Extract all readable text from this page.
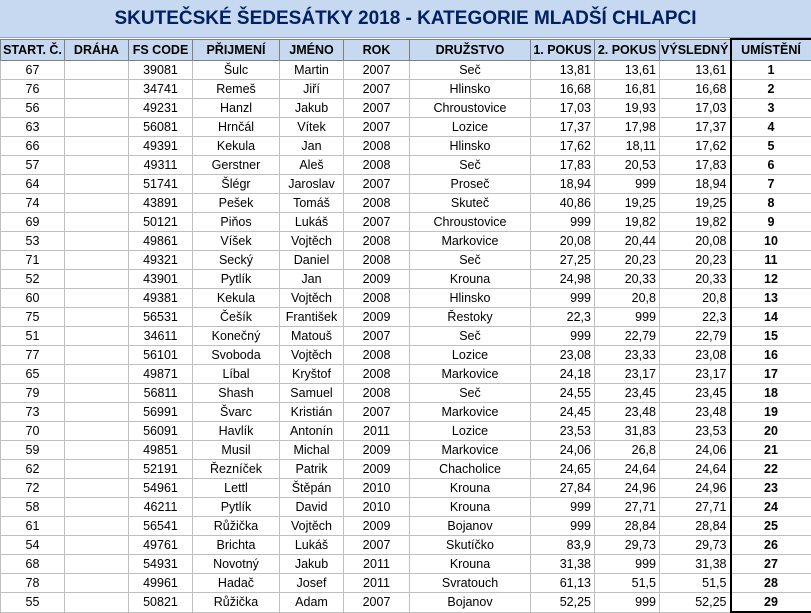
SKUTEČSKÉ ŠEDESÁTKY 2018 - KATEGORIE MLADŠÍ CHLAPCI
START. Č.	DRÁHA	FS CODE	PŘIJMENÍ	JMÉNO	ROK	DRUŽSTVO	1. POKUS	2. POKUS	VÝSLEDNÝ	UMÍSTĚNÍ
67		39081	Šulc	Martin	2007	Seč	13,81	13,61	13,61	1
76		34741	Remeš	Jiří	2007	Hlinsko	16,68	16,81	16,68	2
56		49231	Hanzl	Jakub	2007	Chroustovice	17,03	19,93	17,03	3
63		56081	Hrnčál	Vítek	2007	Lozice	17,37	17,98	17,37	4
66		49391	Kekula	Jan	2008	Hlinsko	17,62	18,11	17,62	5
57		49311	Gerstner	Aleš	2008	Seč	17,83	20,53	17,83	6
64		51741	Šlégr	Jaroslav	2007	Proseč	18,94	999	18,94	7
74		43891	Pešek	Tomáš	2008	Skuteč	40,86	19,25	19,25	8
69		50121	Piňos	Lukáš	2007	Chroustovice	999	19,82	19,82	9
53		49861	Víšek	Vojtěch	2008	Markovice	20,08	20,44	20,08	10
71		49321	Secký	Daniel	2008	Seč	27,25	20,23	20,23	11
52		43901	Pytlík	Jan	2009	Krouna	24,98	20,33	20,33	12
60		49381	Kekula	Vojtěch	2008	Hlinsko	999	20,8	20,8	13
75		56531	Češík	František	2009	Řestoky	22,3	999	22,3	14
51		34611	Konečný	Matouš	2007	Seč	999	22,79	22,79	15
77		56101	Svoboda	Vojtěch	2008	Lozice	23,08	23,33	23,08	16
65		49871	Líbal	Kryštof	2008	Markovice	24,18	23,17	23,17	17
79		56811	Shash	Samuel	2008	Seč	24,55	23,45	23,45	18
73		56991	Švarc	Kristián	2007	Markovice	24,45	23,48	23,48	19
70		56091	Havlík	Antonín	2011	Lozice	23,53	31,83	23,53	20
59		49851	Musil	Michal	2009	Markovice	24,06	26,8	24,06	21
62		52191	Řezníček	Patrik	2009	Chacholice	24,65	24,64	24,64	22
72		54961	Lettl	Štěpán	2010	Krouna	27,84	24,96	24,96	23
58		46211	Pytlík	David	2010	Krouna	999	27,71	27,71	24
61		56541	Růžička	Vojtěch	2009	Bojanov	999	28,84	28,84	25
54		49761	Brichta	Lukáš	2007	Skutíčko	83,9	29,73	29,73	26
68		54931	Novotný	Jakub	2011	Krouna	31,38	999	31,38	27
78		49961	Hadač	Josef	2011	Svratouch	61,13	51,5	51,5	28
55		50821	Růžička	Adam	2007	Bojanov	52,25	999	52,25	29
